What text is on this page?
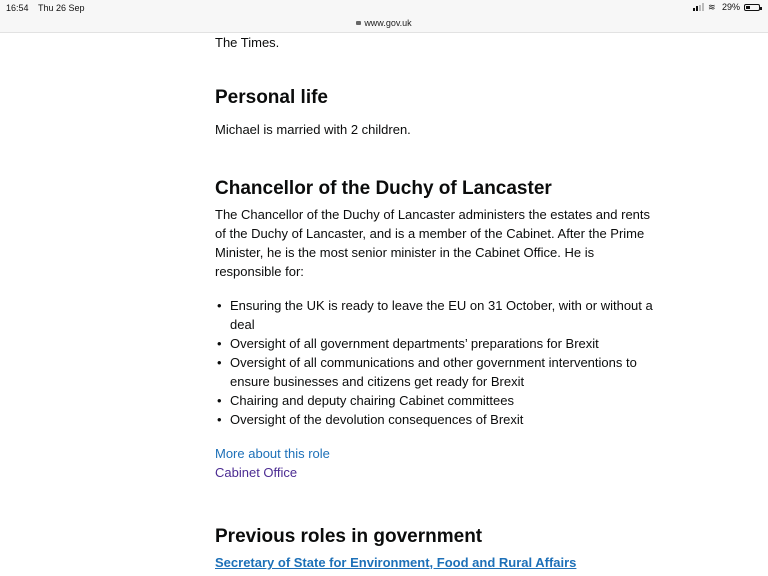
16:54 Thu 26 Sep	≋ 29%
www.gov.uk

The Times.

Personal life

Michael is married with 2 children.

Chancellor of the Duchy of Lancaster

The Chancellor of the Duchy of Lancaster administers the estates and rents

of the Duchy of Lancaster, and is a member of the Cabinet. After the Prime

Minister, he is the most senior minister in the Cabinet Office. He is

responsible for:

• Ensuring the UK is ready to leave the EU on 31 October, with or without a
deal
• Oversight of all government departments’ preparations for Brexit
• Oversight of all communications and other government interventions to
ensure businesses and citizens get ready for Brexit
• Chairing and deputy chairing Cabinet committees
• Oversight of the devolution consequences of Brexit
More about this role
Cabinet Office
Previous roles in government
Secretary of State for Environment, Food and Rural Affairs
